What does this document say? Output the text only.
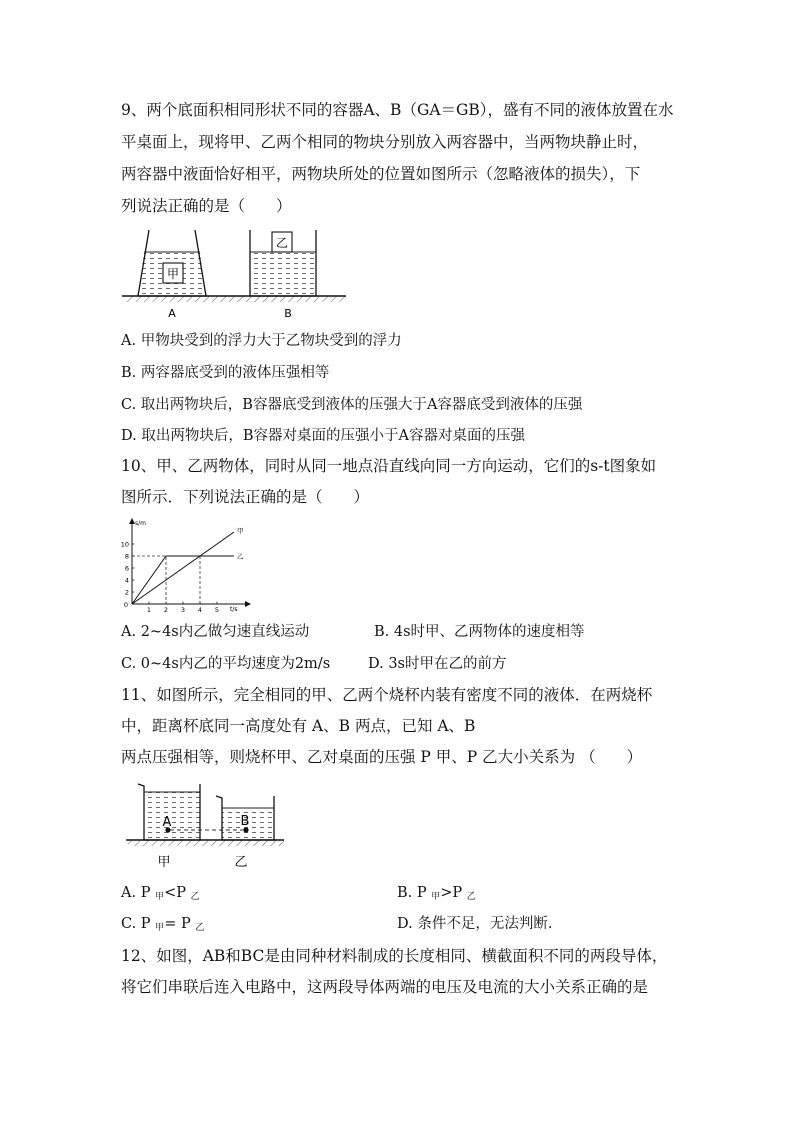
9、两个底面积相同形状不同的容器A、B（GA＝GB），盛有不同的液体放置在水
平桌面上，现将甲、乙两个相同的物块分别放入两容器中，当两物块静止时，
两容器中液面恰好相平，两物块所处的位置如图所示（忽略液体的损失），下
列说法正确的是（　　）
甲
A
乙
B
A. 甲物块受到的浮力大于乙物块受到的浮力
B. 两容器底受到的液体压强相等
C. 取出两物块后，B容器底受到液体的压强大于A容器底受到液体的压强
D. 取出两物块后，B容器对桌面的压强小于A容器对桌面的压强
10、甲、乙两物体，同时从同一地点沿直线向同一方向运动，它们的s-t图象如
图所示．下列说法正确的是（　　）
0
2
4
6
8
10
1 2 3 4 5 t/s
s/m
甲
乙
A. 2~4s内乙做匀速直线运动	B. 4s时甲、乙两物体的速度相等
C. 0~4s内乙的平均速度为2m/s	D. 3s时甲在乙的前方
11、如图所示，完全相同的甲、乙两个烧杯内装有密度不同的液体．在两烧杯
中，距离杯底同一高度处有 A、B 两点，已知 A、B
两点压强相等，则烧杯甲、乙对桌面的压强 P 甲、P 乙大小关系为 （　　）
A	B
甲	乙
A. P $_甲$<P $_乙$	B. P $_甲$>P $_乙$
C. P $_甲$= P $_乙$	D. 条件不足，无法判断.
12、如图，AB和BC是由同种材料制成的长度相同、横截面积不同的两段导体，
将它们串联后连入电路中，这两段导体两端的电压及电流的大小关系正确的是
